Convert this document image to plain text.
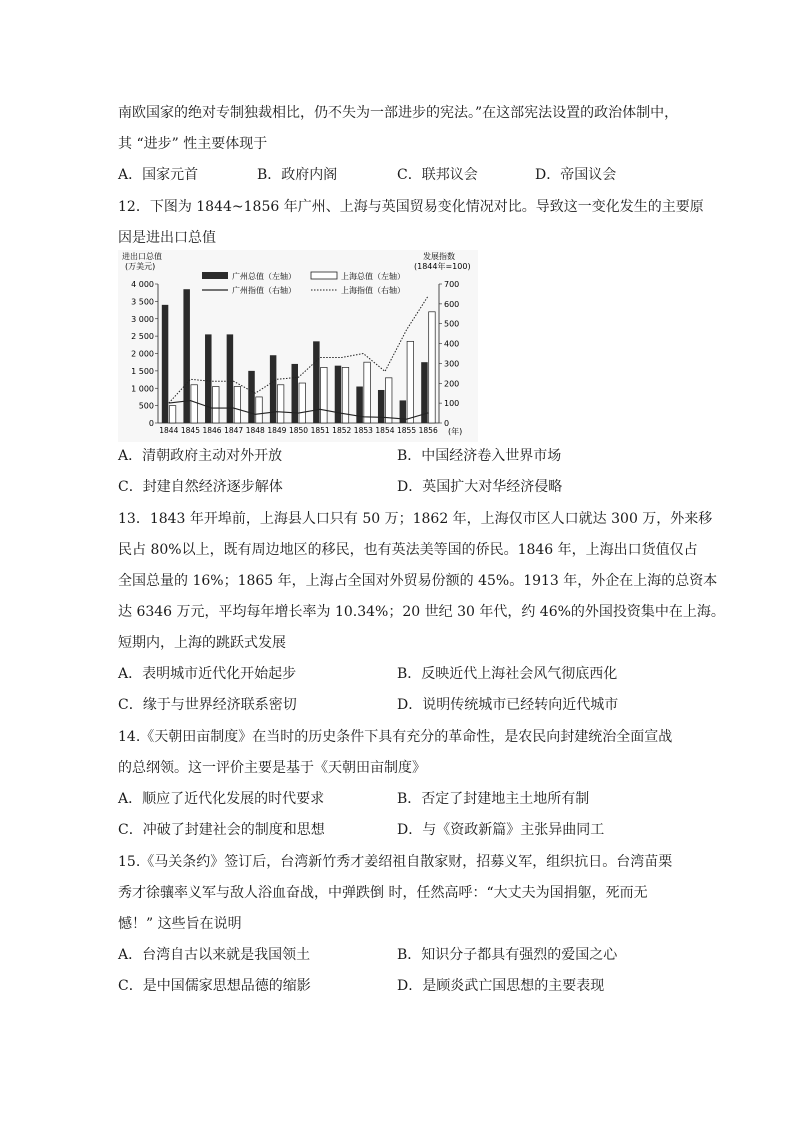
南欧国家的绝对专制独裁相比，仍不失为一部进步的宪法。”在这部宪法设置的政治体制中，
其 “进步” 性主要体现于
A．国家元首	B．政府内阁	C．联邦议会	D．帝国议会
12．下图为 1844~1856 年广州、上海与英国贸易变化情况对比。导致这一变化发生的主要原
因是进出口总值
进出口总值
(万美元)
发展指数
(1844年=100)
广州总值（左轴）	上海总值（左轴）
广州指值（右轴）	上海指值（右轴）
0
500
1 000
1 500
2 000
2 500
3 000
3 500
4 000
0
100
200
300
400
500
600
700
1844 1845 1846 1847 1848 1849 1850 1851 1852 1853 1854 1855 1856 (年)
A．清朝政府主动对外开放	B．中国经济卷入世界市场
C．封建自然经济逐步解体	D．英国扩大对华经济侵略
13．1843 年开埠前，上海县人口只有 50 万；1862 年，上海仅市区人口就达 300 万，外来移
民占 80%以上，既有周边地区的移民，也有英法美等国的侨民。1846 年，上海出口货值仅占
全国总量的 16%；1865 年，上海占全国对外贸易份额的 45%。1913 年，外企在上海的总资本
达 6346 万元，平均每年增长率为 10.34%；20 世纪 30 年代，约 46%的外国投资集中在上海。
短期内，上海的跳跃式发展
A．表明城市近代化开始起步	B．反映近代上海社会风气彻底西化
C．缘于与世界经济联系密切	D．说明传统城市已经转向近代城市
14.《天朝田亩制度》在当时的历史条件下具有充分的革命性，是农民向封建统治全面宣战
的总纲领。这一评价主要是基于《天朝田亩制度》
A．顺应了近代化发展的时代要求	B．否定了封建地主土地所有制
C．冲破了封建社会的制度和思想	D．与《资政新篇》主张异曲同工
15.《马关条约》签订后，台湾新竹秀才姜绍祖自散家财，招募义军，组织抗日。台湾苗栗
秀才徐骧率义军与敌人浴血奋战，中弹跌倒 时，任然高呼：“大丈夫为国捐躯，死而无
憾！” 这些旨在说明
A．台湾自古以来就是我国领土	B．知识分子都具有强烈的爱国之心
C．是中国儒家思想品德的缩影	D．是顾炎武亡国思想的主要表现
